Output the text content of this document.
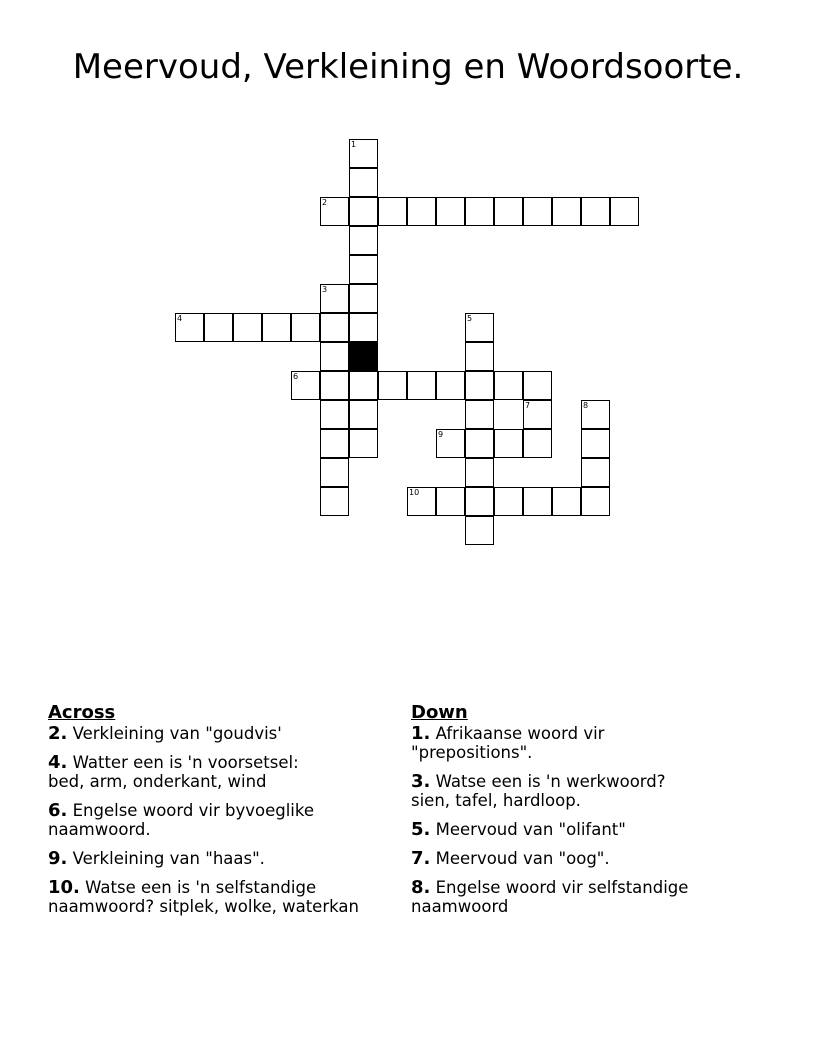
Meervoud, Verkleining en Woordsoorte.
1
2
3
4	5
6
7	8
9
10
Across
2. Verkleining van "goudvis'
4. Watter een is 'n voorsetsel:
bed, arm, onderkant, wind
6. Engelse woord vir byvoeglike
naamwoord.
9. Verkleining van "haas".
10. Watse een is 'n selfstandige
naamwoord? sitplek, wolke, waterkan
Down
1. Afrikaanse woord vir
"prepositions".
3. Watse een is 'n werkwoord?
sien, tafel, hardloop.
5. Meervoud van "olifant"
7. Meervoud van "oog".
8. Engelse woord vir selfstandige
naamwoord
